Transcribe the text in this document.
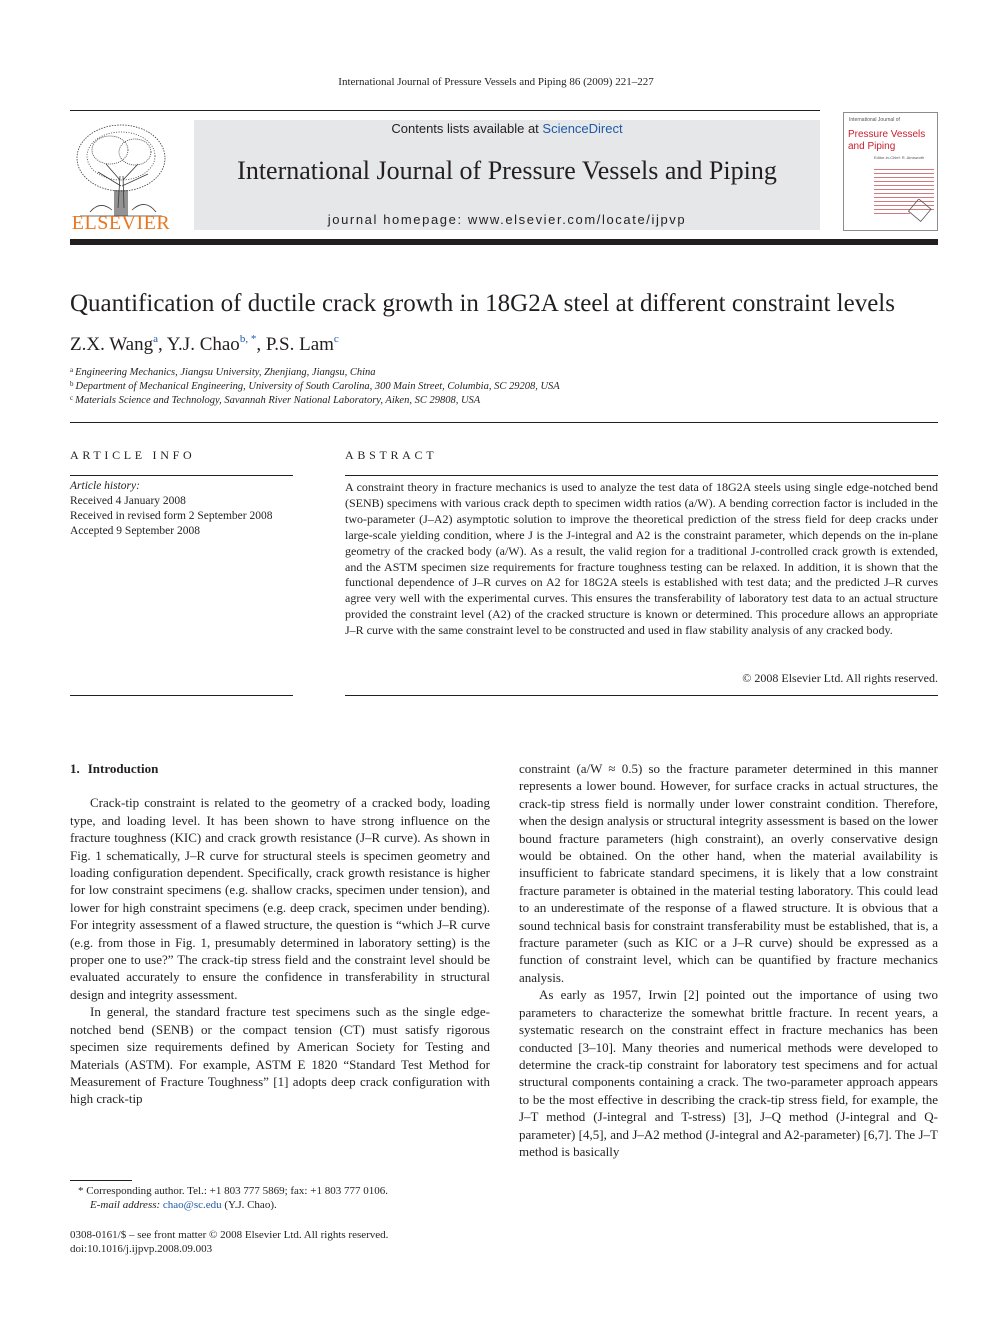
International Journal of Pressure Vessels and Piping 86 (2009) 221–227
ELSEVIER
Contents lists available at ScienceDirect
International Journal of Pressure Vessels and Piping
journal homepage: www.elsevier.com/locate/ijpvp
International Journal of
Pressure Vessels and Piping
Editor-in-Chief: R. Ainsworth
Quantification of ductile crack growth in 18G2A steel at different constraint levels
Z.X. Wang$^a$, Y.J. Chao$^{b, *}$, P.S. Lam$^c$
$^a$ Engineering Mechanics, Jiangsu University, Zhenjiang, Jiangsu, China
$^b$ Department of Mechanical Engineering, University of South Carolina, 300 Main Street, Columbia, SC 29208, USA
$^c$ Materials Science and Technology, Savannah River National Laboratory, Aiken, SC 29808, USA
ARTICLE INFO
Article history:
Received 4 January 2008
Received in revised form 2 September 2008
Accepted 9 September 2008
ABSTRACT
A constraint theory in fracture mechanics is used to analyze the test data of 18G2A steels using single edge-notched bend (SENB) specimens with various crack depth to specimen width ratios (a/W). A bending correction factor is included in the two-parameter (J–A2) asymptotic solution to improve the theoretical prediction of the stress field for deep cracks under large-scale yielding condition, where J is the J-integral and A2 is the constraint parameter, which depends on the in-plane geometry of the cracked body (a/W). As a result, the valid region for a traditional J-controlled crack growth is extended, and the ASTM specimen size requirements for fracture toughness testing can be relaxed. In addition, it is shown that the functional dependence of J–R curves on A2 for 18G2A steels is established with test data; and the predicted J–R curves agree very well with the experimental curves. This ensures the transferability of laboratory test data to an actual structure provided the constraint level (A2) of the cracked structure is known or determined. This procedure allows an appropriate J–R curve with the same constraint level to be constructed and used in flaw stability analysis of any cracked body.
© 2008 Elsevier Ltd. All rights reserved.
1. Introduction

Crack-tip constraint is related to the geometry of a cracked body, loading type, and loading level. It has been shown to have strong influence on the fracture toughness (KIC) and crack growth resistance (J–R curve). As shown in Fig. 1 schematically, J–R curve for structural steels is specimen geometry and loading configuration dependent. Specifically, crack growth resistance is higher for low constraint specimens (e.g. shallow cracks, specimen under tension), and lower for high constraint specimens (e.g. deep crack, specimen under bending). For integrity assessment of a flawed structure, the question is “which J–R curve (e.g. from those in Fig. 1, presumably determined in laboratory setting) is the proper one to use?” The crack-tip stress field and the constraint level should be evaluated accurately to ensure the confidence in transferability in structural design and integrity assessment.

In general, the standard fracture test specimens such as the single edge-notched bend (SENB) or the compact tension (CT) must satisfy rigorous specimen size requirements defined by American Society for Testing and Materials (ASTM). For example, ASTM E 1820 “Standard Test Method for Measurement of Fracture Toughness” [1] adopts deep crack configuration with high crack-tip

constraint (a/W ≈ 0.5) so the fracture parameter determined in this manner represents a lower bound. However, for surface cracks in actual structures, the crack-tip stress field is normally under lower constraint condition. Therefore, when the design analysis or structural integrity assessment is based on the lower bound fracture parameters (high constraint), an overly conservative design would be obtained. On the other hand, when the material availability is insufficient to fabricate standard specimens, it is likely that a low constraint fracture parameter is obtained in the material testing laboratory. This could lead to an underestimate of the response of a flawed structure. It is obvious that a sound technical basis for constraint transferability must be established, that is, a fracture parameter (such as KIC or a J–R curve) should be expressed as a function of constraint level, which can be quantified by fracture mechanics analysis.

As early as 1957, Irwin [2] pointed out the importance of using two parameters to characterize the somewhat brittle fracture. In recent years, a systematic research on the constraint effect in fracture mechanics has been conducted [3–10]. Many theories and numerical methods were developed to determine the crack-tip constraint for laboratory test specimens and for actual structural components containing a crack. The two-parameter approach appears to be the most effective in describing the crack-tip stress field, for example, the J–T method (J-integral and T-stress) [3], J–Q method (J-integral and Q-parameter) [4,5], and J–A2 method (J-integral and A2-parameter) [6,7]. The J–T method is basically

* Corresponding author. Tel.: +1 803 777 5869; fax: +1 803 777 0106.
E-mail address: chao@sc.edu (Y.J. Chao).
0308-0161/$ – see front matter © 2008 Elsevier Ltd. All rights reserved.
doi:10.1016/j.ijpvp.2008.09.003
